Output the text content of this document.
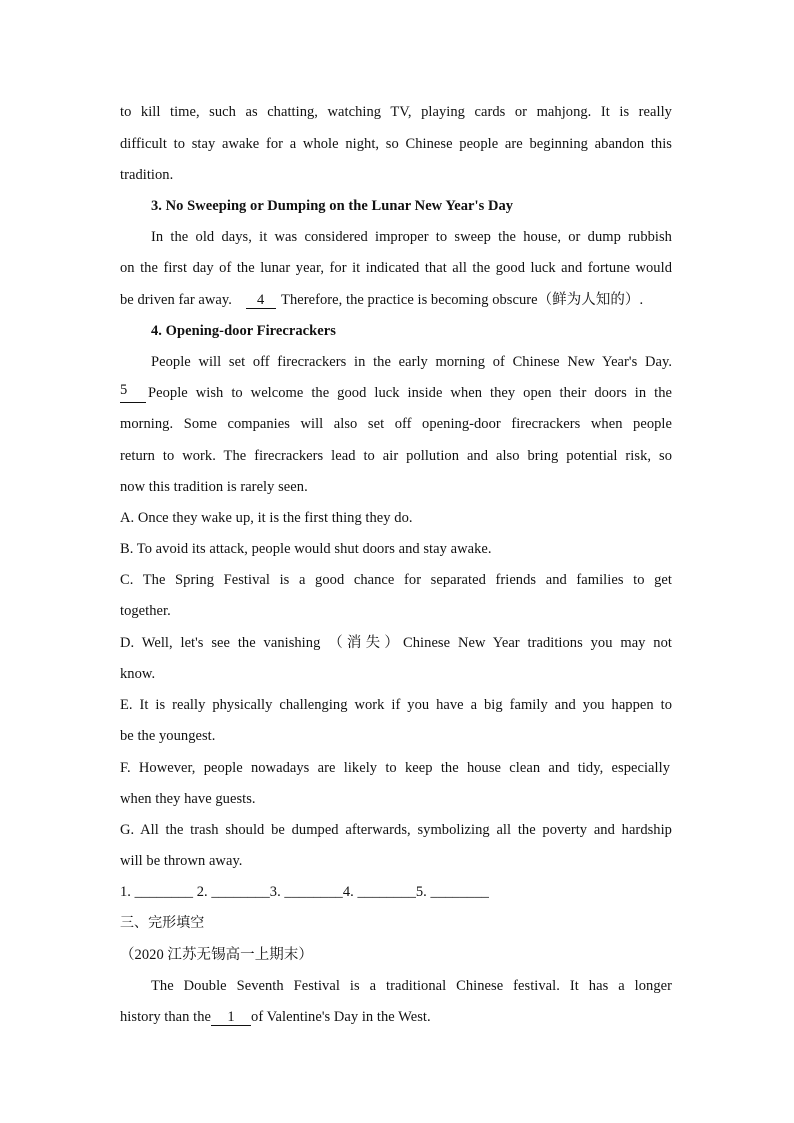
to kill time, such as chatting, watching TV, playing cards or mahjong. It is really
difficult to stay awake for a whole night, so Chinese people are beginning abandon this
tradition.
3. No Sweeping or Dumping on the Lunar New Year's Day
In the old days, it was considered improper to sweep the house, or dump rubbish
on the first day of the lunar year, for it indicated that all the good luck and fortune would
be driven far away. 4 Therefore, the practice is becoming obscure（鲜为人知的）.
4. Opening-door Firecrackers
People will set off firecrackers in the early morning of Chinese New Year's Day.
5	People wish to welcome the good luck inside when they open their doors in the
morning. Some companies will also set off opening-door firecrackers when people
return to work. The firecrackers lead to air pollution and also bring potential risk, so
now this tradition is rarely seen.
A. Once they wake up, it is the first thing they do.
B. To avoid its attack, people would shut doors and stay awake.
C. The Spring Festival is a good chance for separated friends and families to get
together.
D. Well, let's see the vanishing （消失）Chinese New Year traditions you may not
know.
E. It is really physically challenging work if you have a big family and you happen to
be the youngest.
F. However, people nowadays are likely to keep the house clean and tidy, especially
when they have guests.
G. All the trash should be dumped afterwards, symbolizing all the poverty and hardship
will be thrown away.
1. ________ 2. ________3. ________4. ________5. ________
三、完形填空
（2020 江苏无锡高一上期末）
The Double Seventh Festival is a traditional Chinese festival. It has a longer
history than the 1 of Valentine's Day in the West.
